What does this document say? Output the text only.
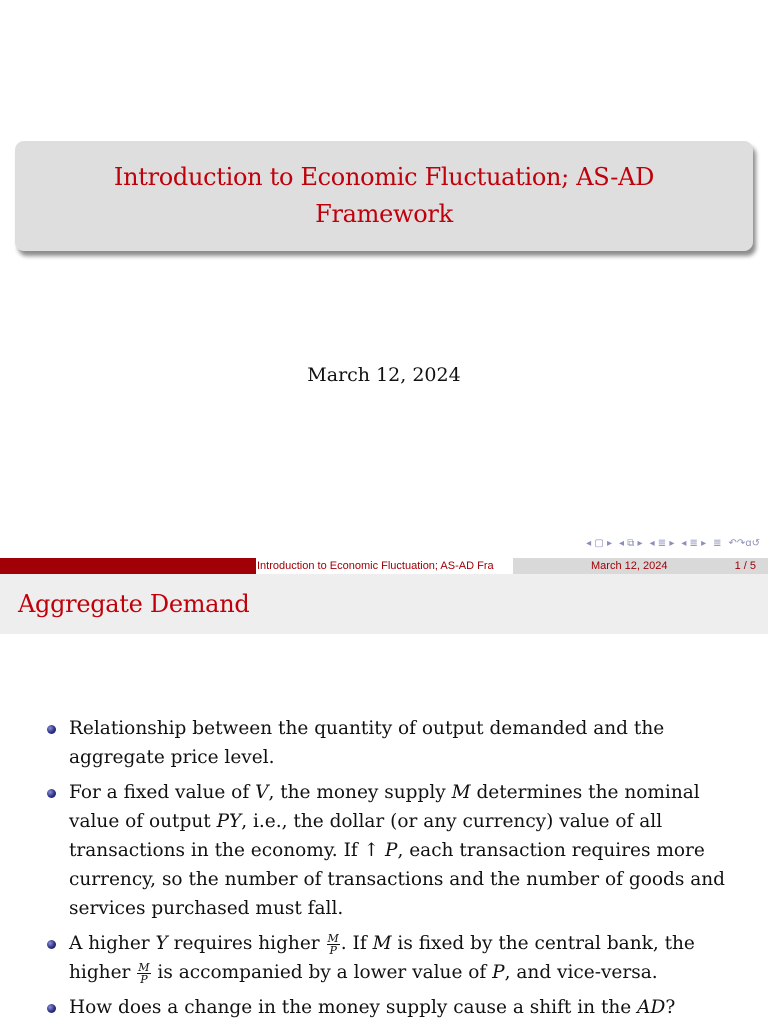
Introduction to Economic Fluctuation; AS-AD Framework
March 12, 2024
◂ ▢ ▸ ◂ ⧉ ▸ ◂ ≣ ▸ ◂ ≣ ▸ ≣ ↶↷ɑ↺
Introduction to Economic Fluctuation; AS-AD Fra	March 12, 2024	1 / 5
Aggregate Demand
Relationship between the quantity of output demanded and the aggregate price level.
For a fixed value of V, the money supply M determines the nominal value of output PY, i.e., the dollar (or any currency) value of all transactions in the economy. If ↑ P, each transaction requires more currency, so the number of transactions and the number of goods and services purchased must fall.
A higher Y requires higher $\frac{M}{P}$ . If M is fixed by the central bank, the higher $\frac{M}{P}$ is accompanied by a lower value of P, and vice-versa.
How does a change in the money supply cause a shift in the AD?
